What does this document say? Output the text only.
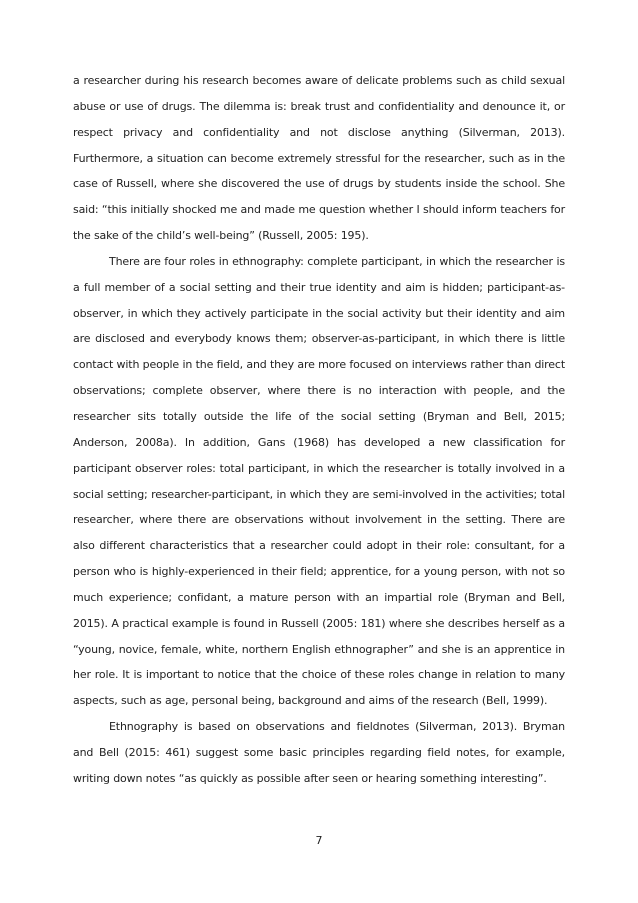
a researcher during his research becomes aware of delicate problems such as child sexual abuse or use of drugs. The dilemma is: break trust and confidentiality and denounce it, or respect privacy and confidentiality and not disclose anything (Silverman, 2013). Furthermore, a situation can become extremely stressful for the researcher, such as in the case of Russell, where she discovered the use of drugs by students inside the school. She said: “this initially shocked me and made me question whether I should inform teachers for the sake of the child’s well-being” (Russell, 2005: 195).

There are four roles in ethnography: complete participant, in which the researcher is a full member of a social setting and their true identity and aim is hidden; participant-as-observer, in which they actively participate in the social activity but their identity and aim are disclosed and everybody knows them; observer-as-participant, in which there is little contact with people in the field, and they are more focused on interviews rather than direct observations; complete observer, where there is no interaction with people, and the researcher sits totally outside the life of the social setting (Bryman and Bell, 2015; Anderson, 2008a). In addition, Gans (1968) has developed a new classification for participant observer roles: total participant, in which the researcher is totally involved in a social setting; researcher-participant, in which they are semi-involved in the activities; total researcher, where there are observations without involvement in the setting. There are also different characteristics that a researcher could adopt in their role: consultant, for a person who is highly-experienced in their field; apprentice, for a young person, with not so much experience; confidant, a mature person with an impartial role (Bryman and Bell, 2015). A practical example is found in Russell (2005: 181) where she describes herself as a “young, novice, female, white, northern English ethnographer” and she is an apprentice in her role. It is important to notice that the choice of these roles change in relation to many aspects, such as age, personal being, background and aims of the research (Bell, 1999).

Ethnography is based on observations and fieldnotes (Silverman, 2013). Bryman and Bell (2015: 461) suggest some basic principles regarding field notes, for example, writing down notes “as quickly as possible after seen or hearing something interesting”.

7
